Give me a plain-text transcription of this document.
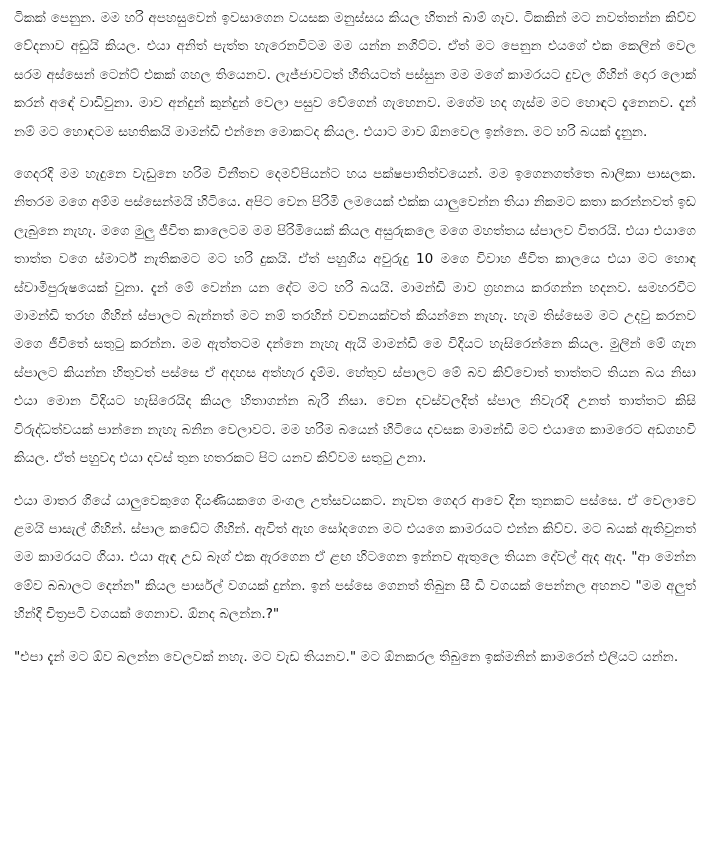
ටිකක් පෙනුන. මම හරි අපහසුවෙන් ඉවසාගෙන වයසක මනුස්සය කියල හිතන් බාම් ගෑව. ටිකකින් මට නවත්තන්න කිව්ව වේදනාව අඩුයි කියල. එයා අනිත් පැත්ත හැරෙනවිටම මම යන්න නගිට්ට. ඒත් මට පෙනුන එයගේ එක කෙලින් වෙල සරම අස්සෙන් ටෙන්ට් එකක් ගහල තියෙනව. ලැජ්ජාවටත් හීතියටත් පස්සුන මම මගේ කාමරයට දුවල ගිහින් දොර ලොක් කරන් අඳේ වාඩිවුනා. මාව අන්දුන් කුන්දුන් වෙලා පසුව වේගෙන් ගැහෙනව. මගේම හද ගැස්ම මට හොඳට දැනෙනව. දැන් නම් මට හොඳටම සහතිකයි මාමන්ඩි එන්නෙ මොකටද කියල. එයාට මාව ඕනවෙල ඉන්නෙ. මට හරි බයක් දැනුන.

ගෙදරදි මම හැදුනෙ වැඩුනෙ හරිම විනීතව දෙමව්පියන්ට හය පක්ෂපාතිත්වයෙන්. මම ඉගෙනගත්තෙ බාලිකා පාසලක. නිතරම මගෙ අම්ම පස්සෙන්මයි හිටියෙ. අපිට වෙන පිරිමි ලමයෙක් එක්ක යාලුවෙන්න තියා නිකමට කතා කරන්නවත් ඉඩ ලැබුනෙ නැහැ. මගෙ මුලු ජීවිත කාලෙටම මම පිරිමියෙක් කියල අසුරුකලෙ මගෙ මහත්තය ස්පාලව විතරයි. එයා එයාගෙ තාත්ත වගෙ ස්මාර්ට් නැතිකමට මට හරි දුකයි. ඒත් පහුගිය අවුරුදු 10 මගෙ විවාහ ජීවිත කාලයෙ එයා මට හොඳ ස්වාමිපුරුෂයෙක් වුනා. දැන් මේ වෙන්න යන දේට මට හරි බයයි. මාමන්ඩි මාව ග්‍රහනය කරගන්න හදනව. සමහරවිට මාමන්ඩි තරහ ගිහින් ස්පාලට බැන්නත් මට නම් තරහින් වචනයක්වත් කියන්නෙ නැහැ. හැම තිස්සෙම මට උදවු කරනව මගෙ ජීවිතේ සතුටු කරන්න. මම ඇත්තටම දන්නෙ නැහැ ඇයි මාමන්ඩි මෙ විදියට හැසිරෙන්නෙ කියල. මුලින් මේ ගැන ස්පාලට කියන්න හිතුවත් පස්සෙ ඒ අදහස අත්හැර දැම්ම. හේතුව ස්පාලට මේ බව කිව්වොත් තාත්තට තියන බය නිසා එයා මොන විදියට හැසිරෙයිද කියල හිතාගන්න බැරි නිසා. වෙන දවස්වලදිත් ස්පාල නිවැරදි උනත් තාත්තට කිසි විරුද්ධත්වයක් පාන්නෙ නැහැ බනින වෙලාවට. මම හරිම බයෙන් හිටියෙ දවසක මාමන්ඩි මට එයාගෙ කාමරෙට අඩගහවි කියල. ඒත් පහුවදා එයා දවස් තුන හතරකට පිට යනව කිව්වම සතුටු උනා.

එයා මාතර ගියේ යාලුවෙකුගෙ දියණියකගෙ මංගල උත්සවයකට. නැවත ගෙදර ආවෙ දින තුනකට පස්සෙ. ඒ වෙලාවෙ ළමයි පාසැල් ගිහින්. ස්පාල කඩේට ගිහින්. ඇවිත් ඇහ සෝදගෙන මට එයගෙ කාමරයට එන්න කිව්ව. මට බයක් ඇතිවුනත් මම කාමරයට ගියා. එයා ඇඳ උඩ බෑග් එක ඇරගෙන ඒ ළඟ හිටගෙන ඉන්නව ඇතුලෙ තියන දේවල් ඇද ඇද. "ආ මෙන්න මේව බබාලට දෙන්න" කියල පාර්සල් වගයක් දුන්න. ඉන් පස්සෙ ගෙනත් තිබුන සී ඩී වගයක් පෙන්නල අහනව "මම අලුත් හින්දි චිත්‍රපටි වගයක් ගෙනාව. ඕනද බලන්න.?"

"එපා දැන් මට ඕව බලන්න වෙලවක් නහැ. මට වැඩ තියනව." මට ඕනකරල තිබුනෙ ඉක්මනින් කාමරෙන් එලියට යන්න.
